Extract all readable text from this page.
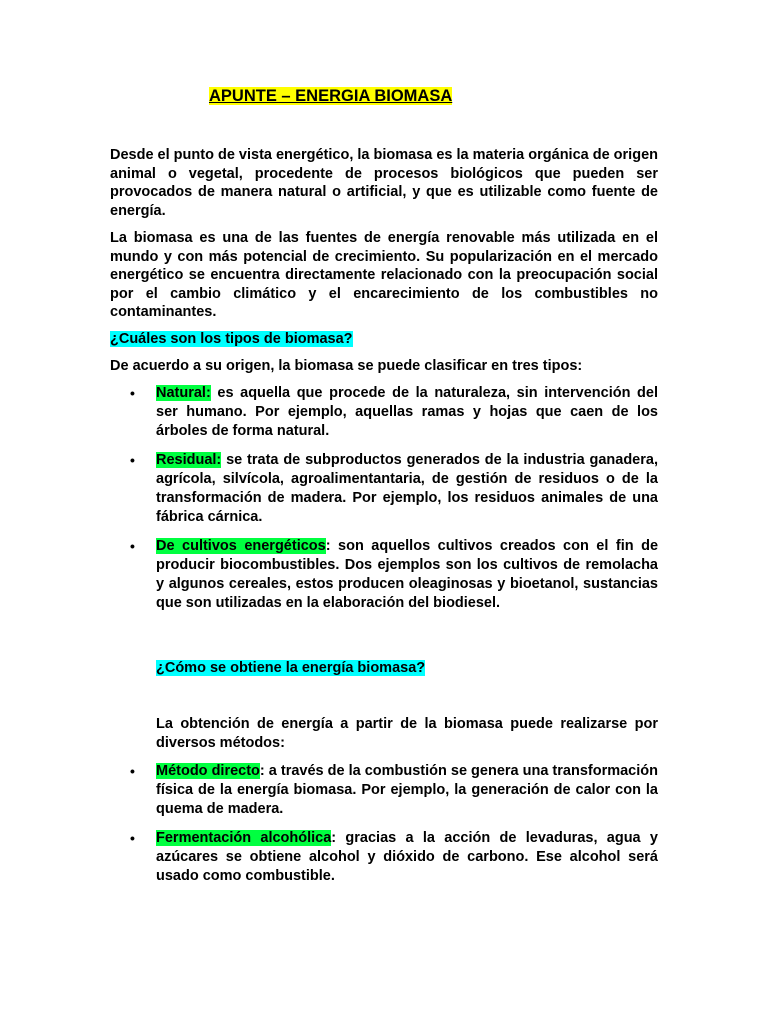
APUNTE – ENERGIA BIOMASA

Desde el punto de vista energético, la biomasa es la materia orgánica de origen animal o vegetal, procedente de procesos biológicos que pueden ser provocados de manera natural o artificial, y que es utilizable como fuente de energía.

La biomasa es una de las fuentes de energía renovable más utilizada en el mundo y con más potencial de crecimiento. Su popularización en el mercado energético se encuentra directamente relacionado con la preocupación social por el cambio climático y el encarecimiento de los combustibles no contaminantes.

¿Cuáles son los tipos de biomasa?

De acuerdo a su origen, la biomasa se puede clasificar en tres tipos:

• Natural: es aquella que procede de la naturaleza, sin intervención del ser humano. Por ejemplo, aquellas ramas y hojas que caen de los árboles de forma natural.
• Residual: se trata de subproductos generados de la industria ganadera, agrícola, silvícola, agroalimentantaria, de gestión de residuos o de la transformación de madera. Por ejemplo, los residuos animales de una fábrica cárnica.
• De cultivos energéticos: son aquellos cultivos creados con el fin de producir biocombustibles. Dos ejemplos son los cultivos de remolacha y algunos cereales, estos producen oleaginosas y bioetanol, sustancias que son utilizadas en la elaboración del biodiesel.

¿Cómo se obtiene la energía biomasa?

La obtención de energía a partir de la biomasa puede realizarse por diversos métodos:

• Método directo: a través de la combustión se genera una transformación física de la energía biomasa. Por ejemplo, la generación de calor con la quema de madera.
• Fermentación alcohólica: gracias a la acción de levaduras, agua y azúcares se obtiene alcohol y dióxido de carbono. Ese alcohol será usado como combustible.
